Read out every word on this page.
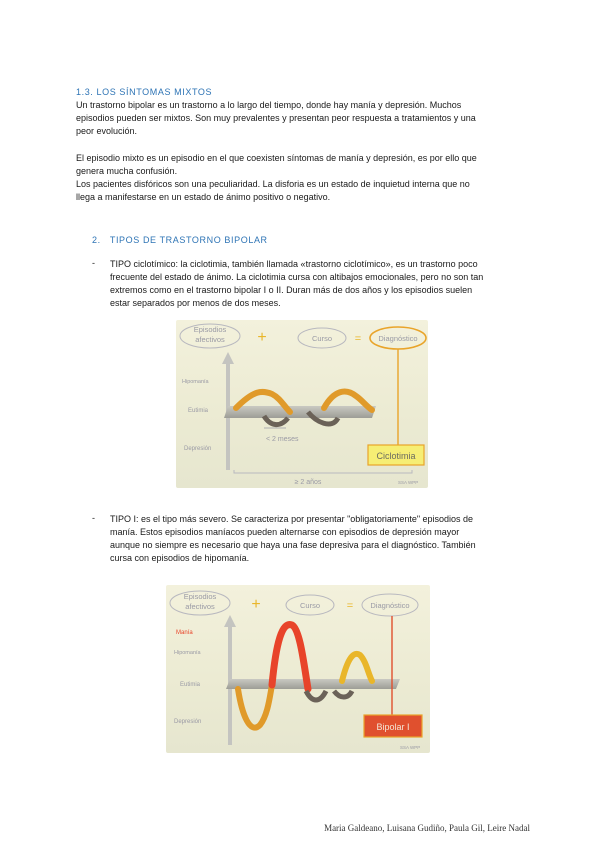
1.3. LOS SÍNTOMAS MIXTOS
Un trastorno bipolar es un trastorno a lo largo del tiempo, donde hay manía y depresión. Muchos
episodios pueden ser mixtos. Son muy prevalentes y presentan peor respuesta a tratamientos y una
peor evolución.
El episodio mixto es un episodio en el que coexisten síntomas de manía y depresión, es por ello que
genera mucha confusión.
Los pacientes disfóricos son una peculiaridad. La disforia es un estado de inquietud interna que no
llega a manifestarse en un estado de ánimo positivo o negativo.
2.   TIPOS DE TRASTORNO BIPOLAR
- TIPO ciclotímico: la ciclotimia, también llamada «trastorno ciclotímico», es un trastorno poco
frecuente del estado de ánimo. La ciclotimia cursa con altibajos emocionales, pero no son tan
extremos como en el trastorno bipolar I o II. Duran más de dos años y los episodios suelen
estar separados por menos de dos meses.
Episodios
afectivos +	Curso = Diagnóstico
Hipomanía
Eutimia
Depresión
< 2 meses
Ciclotimia
≥ 2 años	SSA WPP
- TIPO I: es el tipo más severo. Se caracteriza por presentar "obligatoriamente" episodios de
manía. Estos episodios maníacos pueden alternarse con episodios de depresión mayor
aunque no siempre es necesario que haya una fase depresiva para el diagnóstico. También
cursa con episodios de hipomanía.
Episodios
afectivos +	Curso = Diagnóstico
Manía
Hipomanía
Eutimia
Depresión	Bipolar I
SSA WPP
Maria Galdeano, Luisana Gudiño, Paula Gil, Leire Nadal
